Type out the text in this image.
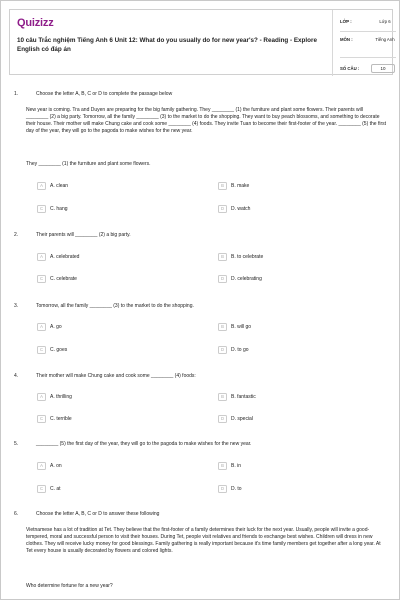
Quizizz
10 câu Trắc nghiệm Tiếng Anh 6 Unit 12: What do you usually do for new year's? - Reading - Explore English có đáp án
LỚP :	Lớp 6
MÔN :	Tiếng Anh
SỐ CÂU :	10
1.	Choose the letter A, B, C or D to complete the passage below
New year is coming. Tra and Duyen are preparing for the big family gathering. They ________ (1) the furniture and plant some flowers. Their parents will ________ (2) a big party. Tomorrow, all the family ________ (3) to the market to do the shopping. They want to buy peach blossoms, and something to decorate their house. Their mother will make Chung cake and cook some ________ (4) foods. They invite Tuan to become their first-footer of the year. ________ (5) the first day of the year, they will go to the pagoda to make wishes for the new year.
They ________ (1) the furniture and plant some flowers.
A	A. clean	B	B. make
C	C. hang	D	D. watch
2.	Their parents will ________ (2) a big party.
A	A. celebrated	B	B. to celebrate
C	C. celebrate	D	D. celebrating
3.	Tomorrow, all the family ________ (3) to the market to do the shopping.
A	A. go	B	B. will go
C	C. goes	D	D. to go
4.	Their mother will make Chung cake and cook some ________ (4) foods:
A	A. thrilling	B	B. fantastic
C	C. terrible	D	D. special
5.	________ (5) the first day of the year, they will go to the pagoda to make wishes for the new year.
A	A. on	B	B. in
C	C. at	D	D. to
6.	Choose the letter A, B, C or D to answer these following
Vietnamese has a lot of tradition at Tet. They believe that the first-footer of a family determines their luck for the next year. Usually, people will invite a good-tempered, moral and successful person to visit their houses. During Tet, people visit relatives and friends to exchange best wishes. Children will dress in new clothes. They will receive lucky money for good blessings. Family gathering is really important because it's time family members get together after a long year. At Tet every house is usually decorated by flowers and colored lights.
Who determine fortune for a new year?
